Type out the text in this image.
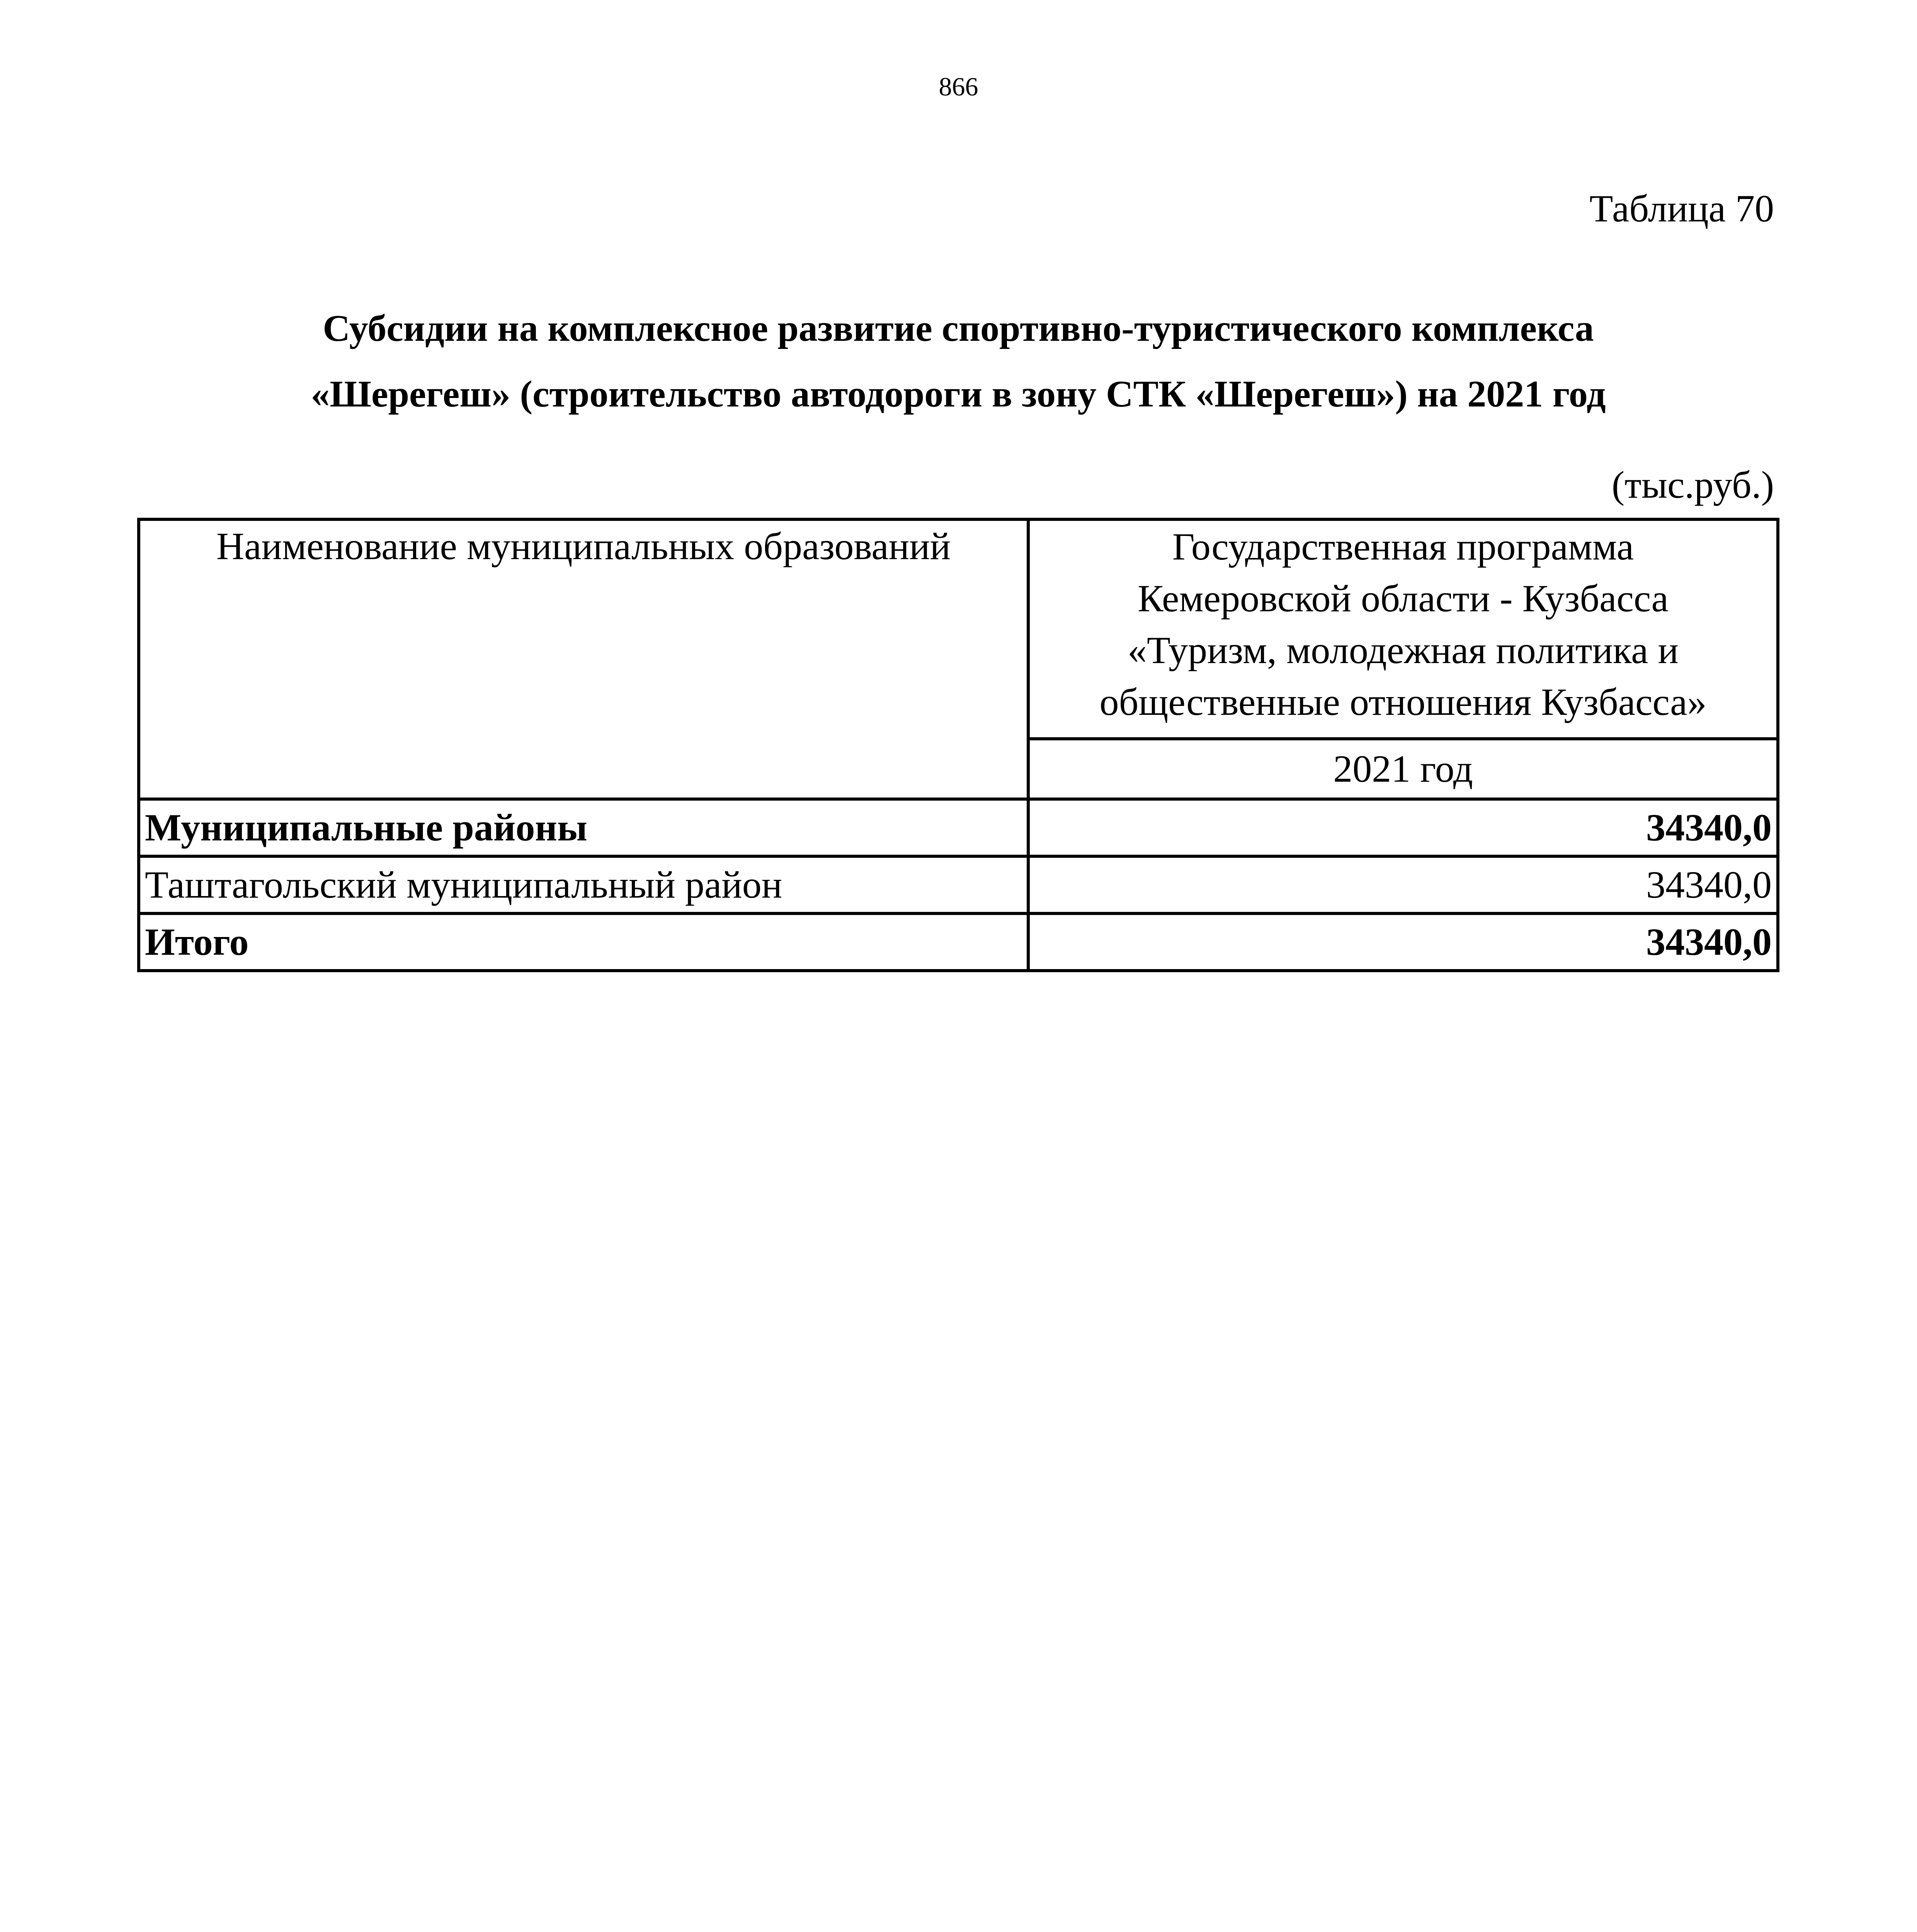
866
Таблица 70
Субсидии на комплексное развитие спортивно-туристического комплекса
«Шерегеш» (строительство автодороги в зону СТК «Шерегеш») на 2021 год
(тыс.руб.)
Наименование муниципальных образований	Государственная программа
Кемеровской области - Кузбасса
«Туризм, молодежная политика и
общественные отношения Кузбасса»
	2021 год
Муниципальные районы	34340,0
Таштагольский муниципальный район	34340,0
Итого	34340,0
